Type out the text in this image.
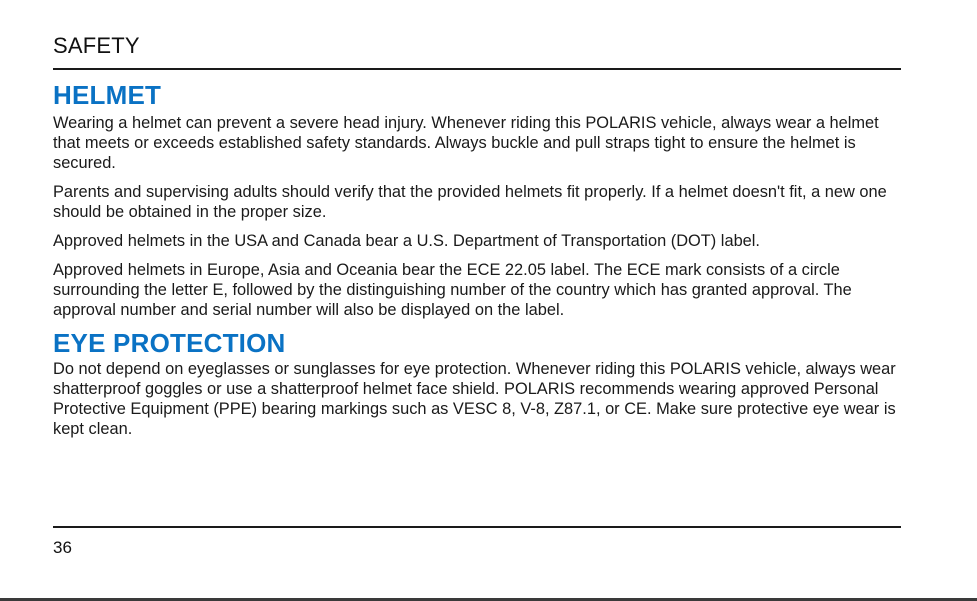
SAFETY
HELMET

Wearing a helmet can prevent a severe head injury. Whenever riding this POLARIS vehicle, always wear a helmet that meets or exceeds established safety standards. Always buckle and pull straps tight to ensure the helmet is secured.

Parents and supervising adults should verify that the provided helmets fit properly. If a helmet doesn't fit, a new one should be obtained in the proper size.

Approved helmets in the USA and Canada bear a U.S. Department of Transportation (DOT) label.

Approved helmets in Europe, Asia and Oceania bear the ECE 22.05 label. The ECE mark consists of a circle surrounding the letter E, followed by the distinguishing number of the country which has granted approval. The approval number and serial number will also be displayed on the label.

EYE PROTECTION

Do not depend on eyeglasses or sunglasses for eye protection. Whenever riding this POLARIS vehicle, always wear shatterproof goggles or use a shatterproof helmet face shield. POLARIS recommends wearing approved Personal Protective Equipment (PPE) bearing markings such as VESC 8, V-8, Z87.1, or CE. Make sure protective eye wear is kept clean.

36
